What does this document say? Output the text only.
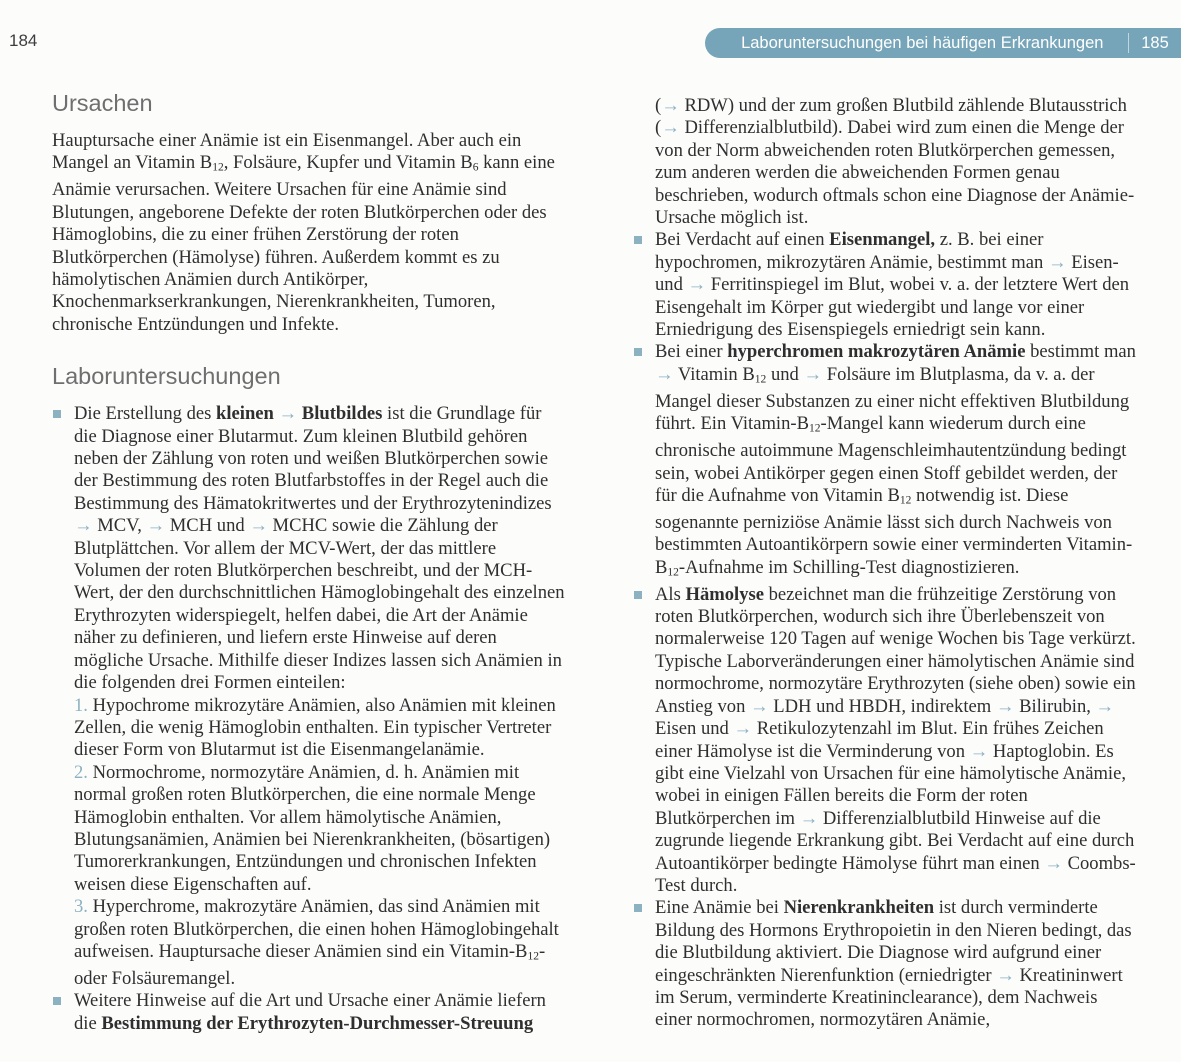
184	Laboruntersuchungen bei häufigen Erkrankungen	185
Ursachen

Hauptursache einer Anämie ist ein Eisenmangel. Aber auch ein Mangel an Vitamin B12, Folsäure, Kupfer und Vitamin B6 kann eine Anämie verursachen. Weitere Ursachen für eine Anämie sind Blutungen, angeborene Defekte der roten Blutkörperchen oder des Hämoglobins, die zu einer frühen Zerstörung der roten Blutkörperchen (Hämolyse) führen. Außerdem kommt es zu hämolytischen Anämien durch Antikörper, Knochenmarkserkrankungen, Nierenkrankheiten, Tumoren, chronische Entzündungen und Infekte.

Laboruntersuchungen

Die Erstellung des kleinen → Blutbildes ist die Grundlage für die Diagnose einer Blutarmut. Zum kleinen Blutbild gehören neben der Zählung von roten und weißen Blutkörperchen sowie der Bestimmung des roten Blutfarbstoffes in der Regel auch die Bestimmung des Hämatokritwertes und der Erythrozytenindizes → MCV, → MCH und → MCHC sowie die Zählung der Blutplättchen. Vor allem der MCV-Wert, der das mittlere Volumen der roten Blutkörperchen beschreibt, und der MCH-Wert, der den durchschnittlichen Hämoglobingehalt des einzelnen Erythrozyten widerspiegelt, helfen dabei, die Art der Anämie näher zu definieren, und liefern erste Hinweise auf deren mögliche Ursache. Mithilfe dieser Indizes lassen sich Anämien in die folgenden drei Formen einteilen:

1. Hypochrome mikrozytäre Anämien, also Anämien mit kleinen Zellen, die wenig Hämoglobin enthalten. Ein typischer Vertreter dieser Form von Blutarmut ist die Eisenmangelanämie.

2. Normochrome, normozytäre Anämien, d. h. Anämien mit normal großen roten Blutkörperchen, die eine normale Menge Hämoglobin enthalten. Vor allem hämolytische Anämien, Blutungsanämien, Anämien bei Nierenkrankheiten, (bösartigen) Tumorerkrankungen, Entzündungen und chronischen Infekten weisen diese Eigenschaften auf.

3. Hyperchrome, makrozytäre Anämien, das sind Anämien mit großen roten Blutkörperchen, die einen hohen Hämoglobingehalt aufweisen. Hauptursache dieser Anämien sind ein Vitamin-B12- oder Folsäuremangel.

Weitere Hinweise auf die Art und Ursache einer Anämie liefern die Bestimmung der Erythrozyten-Durchmesser-Streuung

(→ RDW) und der zum großen Blutbild zählende Blutausstrich (→ Differenzialblutbild). Dabei wird zum einen die Menge der von der Norm abweichenden roten Blutkörperchen gemessen, zum anderen werden die abweichenden Formen genau beschrieben, wodurch oftmals schon eine Diagnose der Anämie-Ursache möglich ist.

Bei Verdacht auf einen Eisenmangel, z. B. bei einer hypochromen, mikrozytären Anämie, bestimmt man → Eisen- und → Ferritinspiegel im Blut, wobei v. a. der letztere Wert den Eisengehalt im Körper gut wiedergibt und lange vor einer Erniedrigung des Eisenspiegels erniedrigt sein kann.

Bei einer hyperchromen makrozytären Anämie bestimmt man → Vitamin B12 und → Folsäure im Blutplasma, da v. a. der Mangel dieser Substanzen zu einer nicht effektiven Blutbildung führt. Ein Vitamin-B12-Mangel kann wiederum durch eine chronische autoimmune Magenschleimhautentzündung bedingt sein, wobei Antikörper gegen einen Stoff gebildet werden, der für die Aufnahme von Vitamin B12 notwendig ist. Diese sogenannte perniziöse Anämie lässt sich durch Nachweis von bestimmten Autoantikörpern sowie einer verminderten Vitamin-B12-Aufnahme im Schilling-Test diagnostizieren.

Als Hämolyse bezeichnet man die frühzeitige Zerstörung von roten Blutkörperchen, wodurch sich ihre Überlebenszeit von normalerweise 120 Tagen auf wenige Wochen bis Tage verkürzt. Typische Laborveränderungen einer hämolytischen Anämie sind normochrome, normozytäre Erythrozyten (siehe oben) sowie ein Anstieg von → LDH und HBDH, indirektem → Bilirubin, → Eisen und → Retikulozytenzahl im Blut. Ein frühes Zeichen einer Hämolyse ist die Verminderung von → Haptoglobin. Es gibt eine Vielzahl von Ursachen für eine hämolytische Anämie, wobei in einigen Fällen bereits die Form der roten Blutkörperchen im → Differenzialblutbild Hinweise auf die zugrunde liegende Erkrankung gibt. Bei Verdacht auf eine durch Autoantikörper bedingte Hämolyse führt man einen → Coombs-Test durch.

Eine Anämie bei Nierenkrankheiten ist durch verminderte Bildung des Hormons Erythropoietin in den Nieren bedingt, das die Blutbildung aktiviert. Die Diagnose wird aufgrund einer eingeschränkten Nierenfunktion (erniedrigter → Kreatininwert im Serum, verminderte Kreatininclearance), dem Nachweis einer normochromen, normozytären Anämie,
